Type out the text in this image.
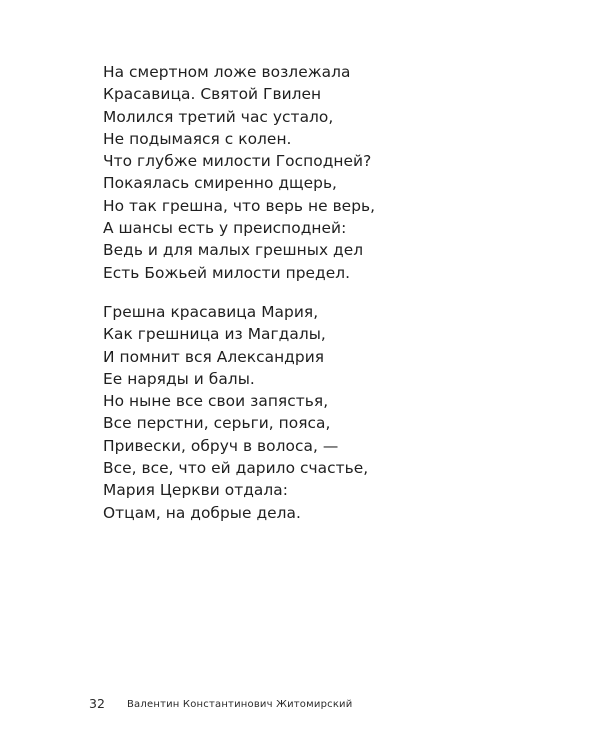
На смертном ложе возлежала
Красавица. Святой Гвилен
Молился третий час устало,
Не подымаяся с колен.
Что глубже милости Господней?
Покаялась смиренно дщерь,
Но так грешна, что верь не верь,
А шансы есть у преисподней:
Ведь и для малых грешных дел
Есть Божьей милости предел.
Грешна красавица Мария,
Как грешница из Магдалы,
И помнит вся Александрия
Ее наряды и балы.
Но ныне все свои запястья,
Все перстни, серьги, пояса,
Привески, обруч в волоса, —
Все, все, что ей дарило счастье,
Мария Церкви отдала:
Отцам, на добрые дела.
32 Валентин Константинович Житомирский
